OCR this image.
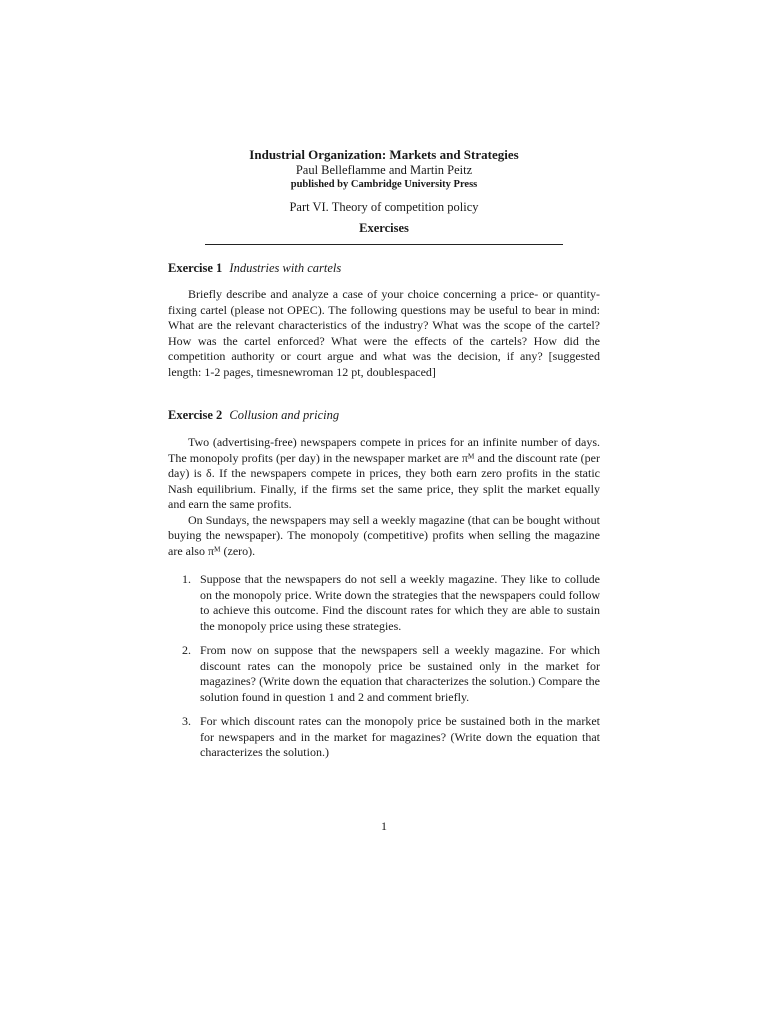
Industrial Organization: Markets and Strategies

Paul Belleflamme and Martin Peitz

published by Cambridge University Press

Part VI. Theory of competition policy

Exercises

Exercise 1 Industries with cartels

Briefly describe and analyze a case of your choice concerning a price- or quantity-fixing cartel (please not OPEC). The following questions may be useful to bear in mind: What are the relevant characteristics of the industry? What was the scope of the cartel? How was the cartel enforced? What were the effects of the cartels? How did the competition authority or court argue and what was the decision, if any? [suggested length: 1-2 pages, timesnewroman 12 pt, doublespaced]

Exercise 2 Collusion and pricing

Two (advertising-free) newspapers compete in prices for an infinite number of days. The monopoly profits (per day) in the newspaper market are πᴹ and the discount rate (per day) is δ. If the newspapers compete in prices, they both earn zero profits in the static Nash equilibrium. Finally, if the firms set the same price, they split the market equally and earn the same profits.

On Sundays, the newspapers may sell a weekly magazine (that can be bought without buying the newspaper). The monopoly (competitive) profits when selling the magazine are also πᴹ (zero).

1. Suppose that the newspapers do not sell a weekly magazine. They like to collude on the monopoly price. Write down the strategies that the newspapers could follow to achieve this outcome. Find the discount rates for which they are able to sustain the monopoly price using these strategies.
2. From now on suppose that the newspapers sell a weekly magazine. For which discount rates can the monopoly price be sustained only in the market for magazines? (Write down the equation that characterizes the solution.) Compare the solution found in question 1 and 2 and comment briefly.
3. For which discount rates can the monopoly price be sustained both in the market for newspapers and in the market for magazines? (Write down the equation that characterizes the solution.)
1
